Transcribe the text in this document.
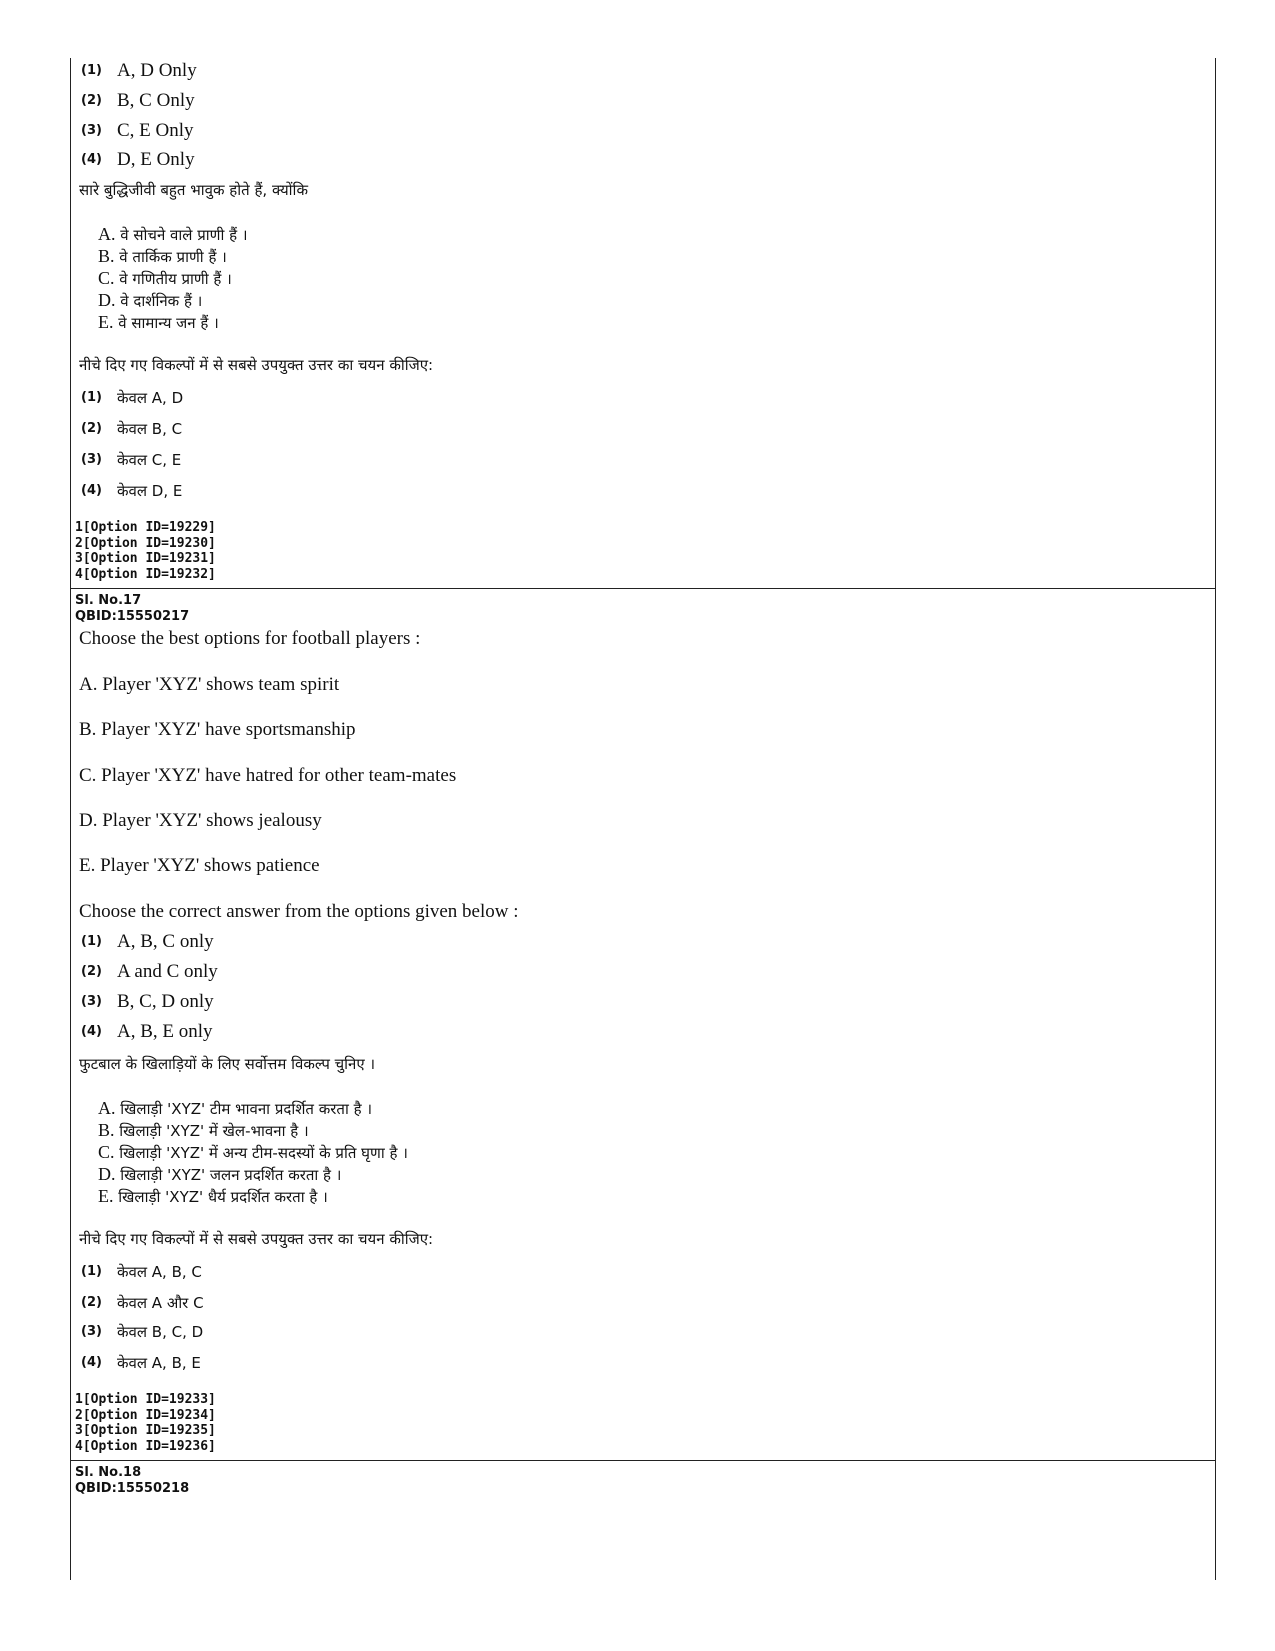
(1) A, D Only
(2) B, C Only
(3) C, E Only
(4) D, E Only
सारे बुद्धिजीवी बहुत भावुक होते हैं, क्योंकि
A. वे सोचने वाले प्राणी हैं ।
B. वे तार्किक प्राणी हैं ।
C. वे गणितीय प्राणी हैं ।
D. वे दार्शनिक हैं ।
E. वे सामान्य जन हैं ।
नीचे दिए गए विकल्पों में से सबसे उपयुक्त उत्तर का चयन कीजिए:
(1)	केवल A, D
(2)	केवल B, C
(3)	केवल C, E
(4)	केवल D, E
1[Option ID=19229]
2[Option ID=19230]
3[Option ID=19231]
4[Option ID=19232]
Sl. No.17
QBID:15550217
Choose the best options for football players :
A. Player 'XYZ' shows team spirit
B. Player 'XYZ' have sportsmanship
C. Player 'XYZ' have hatred for other team-mates
D. Player 'XYZ' shows jealousy
E. Player 'XYZ' shows patience
Choose the correct answer from the options given below :
(1) A, B, C only
(2) A and C only
(3) B, C, D only
(4) A, B, E only
फुटबाल के खिलाड़ियों के लिए सर्वोत्तम विकल्प चुनिए ।
A. खिलाड़ी 'XYZ' टीम भावना प्रदर्शित करता है ।
B. खिलाड़ी 'XYZ' में खेल-भावना है ।
C. खिलाड़ी 'XYZ' में अन्य टीम-सदस्यों के प्रति घृणा है ।
D. खिलाड़ी 'XYZ' जलन प्रदर्शित करता है ।
E. खिलाड़ी 'XYZ' धैर्य प्रदर्शित करता है ।
नीचे दिए गए विकल्पों में से सबसे उपयुक्त उत्तर का चयन कीजिए:
(1)	केवल A, B, C
(2)	केवल A और C
(3)	केवल B, C, D
(4)	केवल A, B, E
1[Option ID=19233]
2[Option ID=19234]
3[Option ID=19235]
4[Option ID=19236]
Sl. No.18
QBID:15550218
